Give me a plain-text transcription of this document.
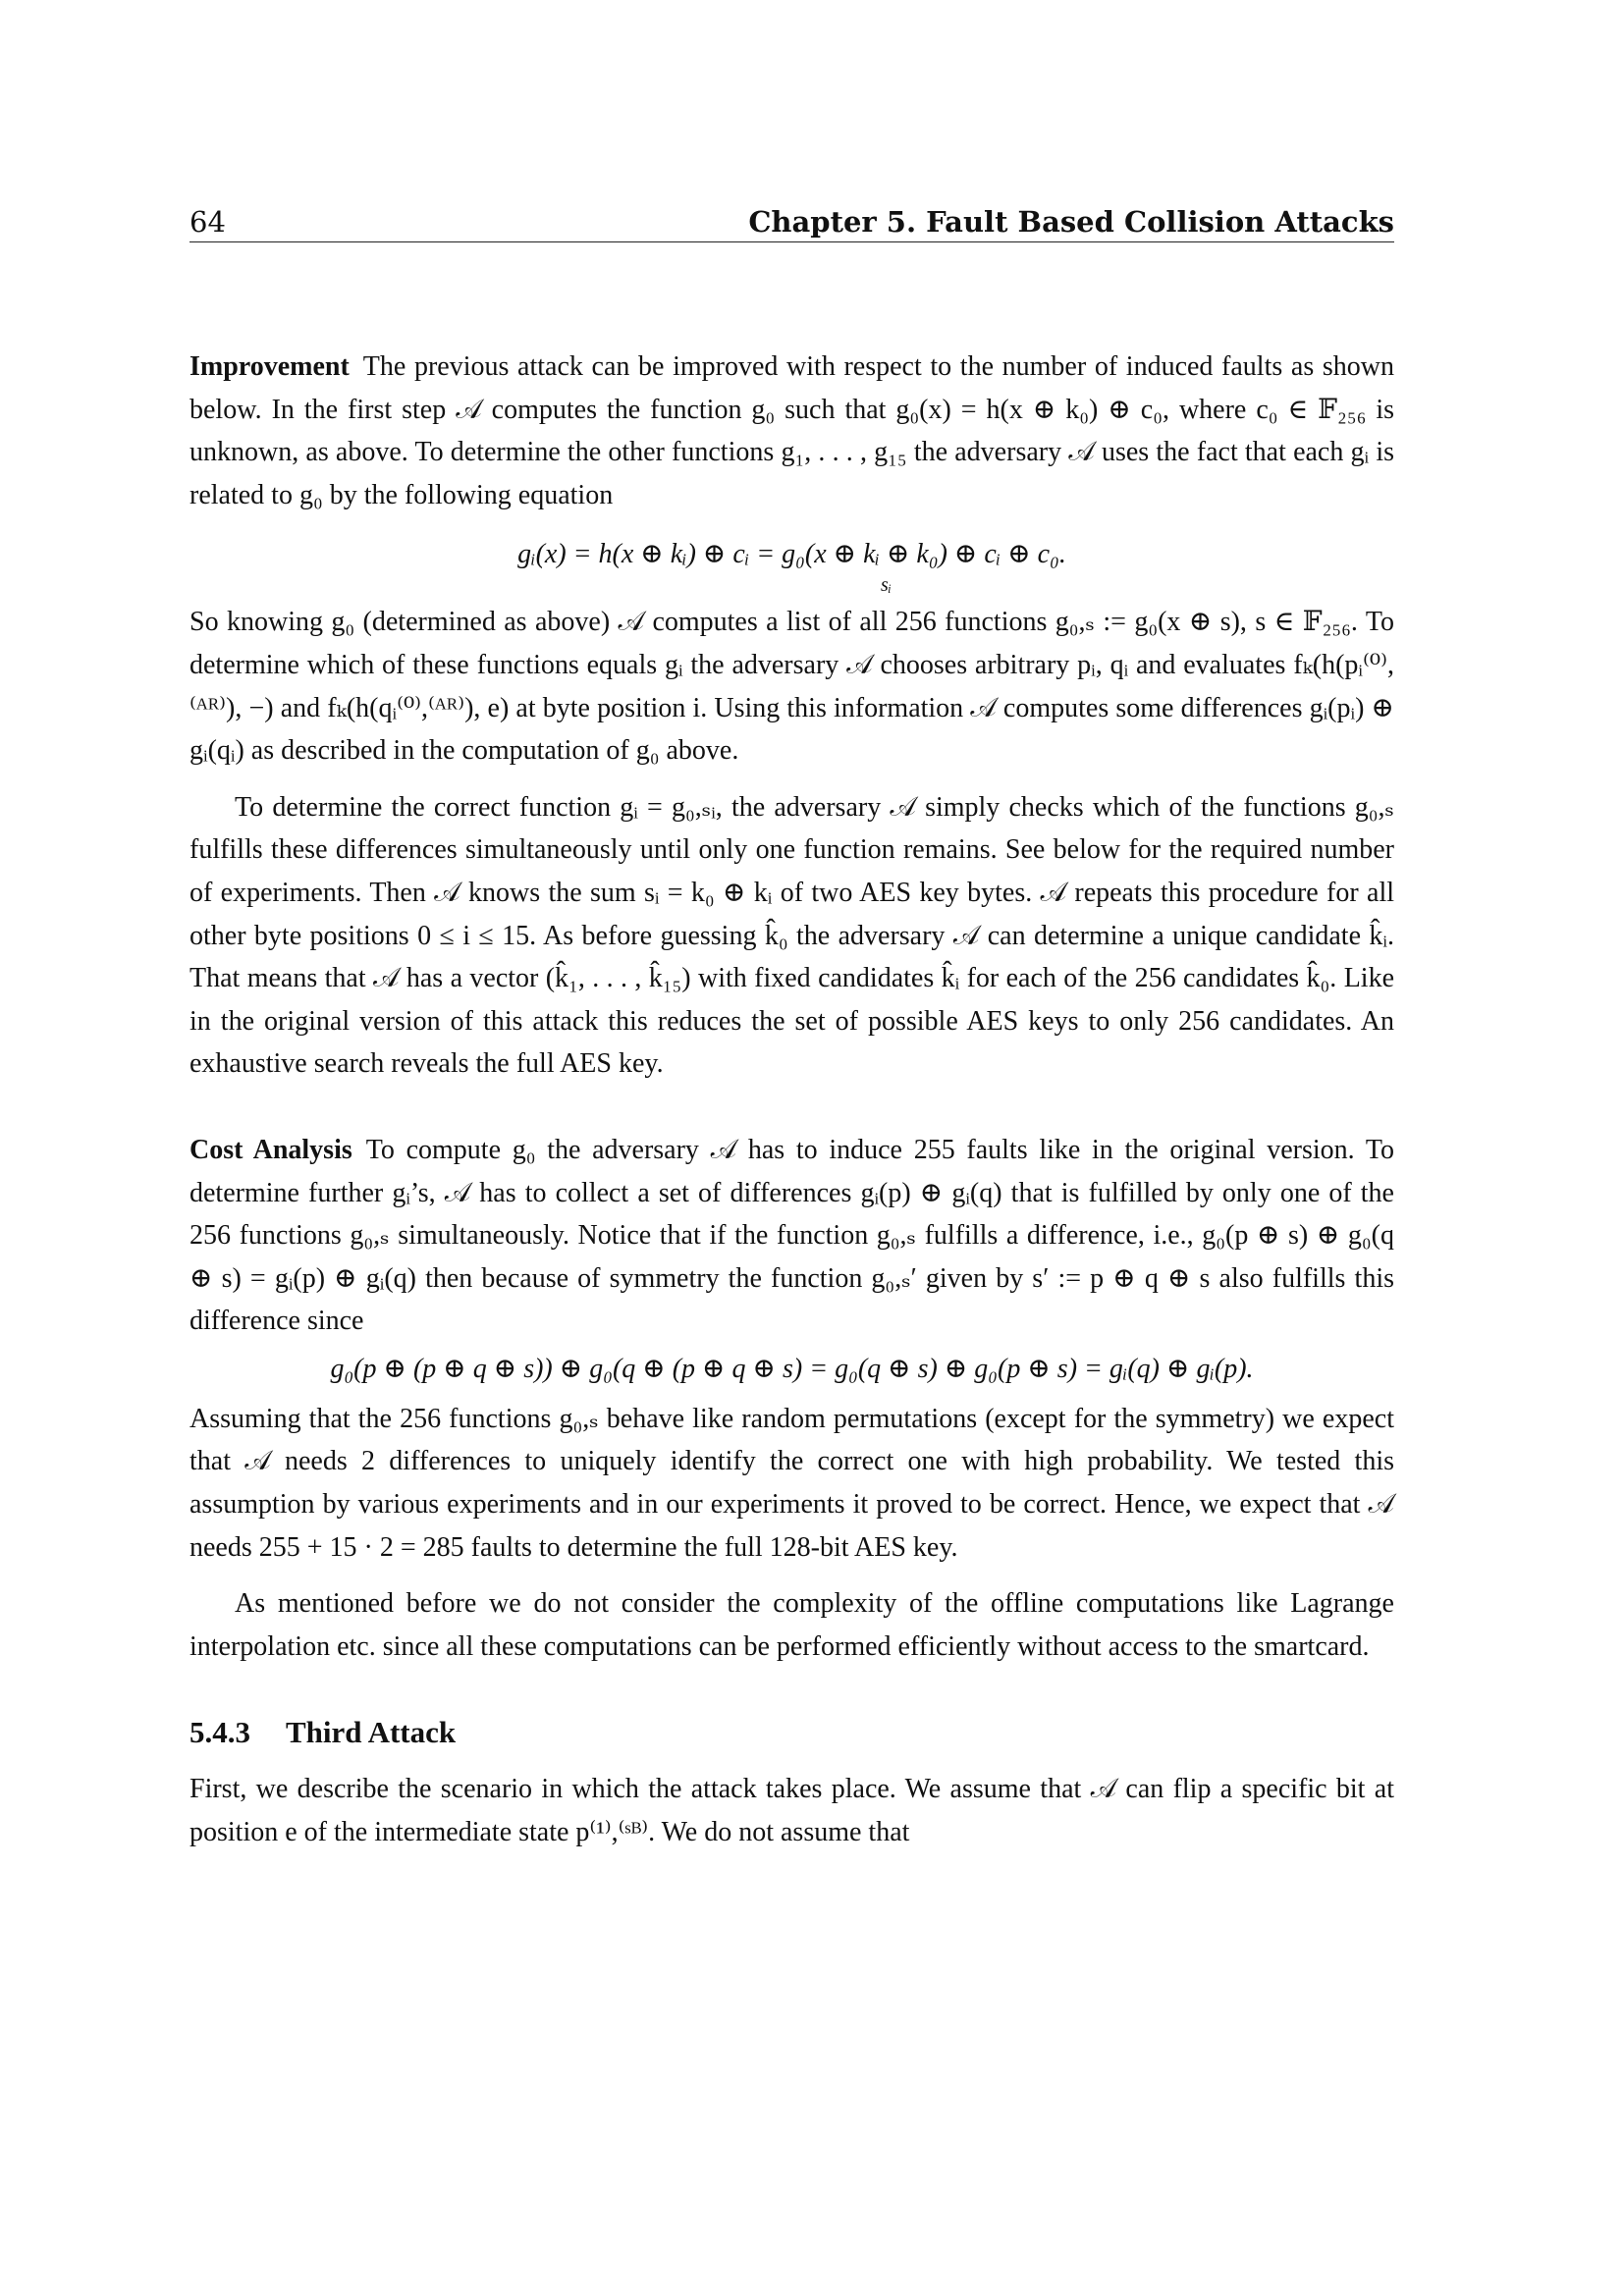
64	Chapter 5. Fault Based Collision Attacks

Improvement The previous attack can be improved with respect to the number of induced faults as shown below. In the first step 𝒜 computes the function g₀ such that g₀(x) = h(x ⊕ k₀) ⊕ c₀, where c₀ ∈ 𝔽₂₅₆ is unknown, as above. To determine the other functions g₁, . . . , g₁₅ the adversary 𝒜 uses the fact that each gᵢ is related to g₀ by the following equation

gᵢ(x) = h(x ⊕ kᵢ) ⊕ cᵢ = g₀(x ⊕ kᵢ ⊕ k₀) ⊕ cᵢ ⊕ c₀.
sᵢ

So knowing g₀ (determined as above) 𝒜 computes a list of all 256 functions g₀,ₛ := g₀(x ⊕ s), s ∈ 𝔽₂₅₆. To determine which of these functions equals gᵢ the adversary 𝒜 chooses arbitrary pᵢ, qᵢ and evaluates fₖ(h(pᵢ⁽⁰⁾,⁽ᴬᴿ⁾), −) and fₖ(h(qᵢ⁽⁰⁾,⁽ᴬᴿ⁾), e) at byte position i. Using this information 𝒜 computes some differences gᵢ(pᵢ) ⊕ gᵢ(qᵢ) as described in the computation of g₀ above.

To determine the correct function gᵢ = g₀,ₛᵢ, the adversary 𝒜 simply checks which of the functions g₀,ₛ fulfills these differences simultaneously until only one function remains. See below for the required number of experiments. Then 𝒜 knows the sum sᵢ = k₀ ⊕ kᵢ of two AES key bytes. 𝒜 repeats this procedure for all other byte positions 0 ≤ i ≤ 15. As before guessing k̂₀ the adversary 𝒜 can determine a unique candidate k̂ᵢ. That means that 𝒜 has a vector (k̂₁, . . . , k̂₁₅) with fixed candidates k̂ᵢ for each of the 256 candidates k̂₀. Like in the original version of this attack this reduces the set of possible AES keys to only 256 candidates. An exhaustive search reveals the full AES key.

Cost Analysis To compute g₀ the adversary 𝒜 has to induce 255 faults like in the original version. To determine further gᵢ’s, 𝒜 has to collect a set of differences gᵢ(p) ⊕ gᵢ(q) that is fulfilled by only one of the 256 functions g₀,ₛ simultaneously. Notice that if the function g₀,ₛ fulfills a difference, i.e., g₀(p ⊕ s) ⊕ g₀(q ⊕ s) = gᵢ(p) ⊕ gᵢ(q) then because of symmetry the function g₀,ₛ′ given by s′ := p ⊕ q ⊕ s also fulfills this difference since

g₀(p ⊕ (p ⊕ q ⊕ s)) ⊕ g₀(q ⊕ (p ⊕ q ⊕ s) = g₀(q ⊕ s) ⊕ g₀(p ⊕ s) = gᵢ(q) ⊕ gᵢ(p).

Assuming that the 256 functions g₀,ₛ behave like random permutations (except for the symmetry) we expect that 𝒜 needs 2 differences to uniquely identify the correct one with high probability. We tested this assumption by various experiments and in our experiments it proved to be correct. Hence, we expect that 𝒜 needs 255 + 15 · 2 = 285 faults to determine the full 128-bit AES key.

As mentioned before we do not consider the complexity of the offline computations like Lagrange interpolation etc. since all these computations can be performed efficiently without access to the smartcard.

5.4.3 Third Attack

First, we describe the scenario in which the attack takes place. We assume that 𝒜 can flip a specific bit at position e of the intermediate state p⁽¹⁾,⁽ˢᴮ⁾. We do not assume that
